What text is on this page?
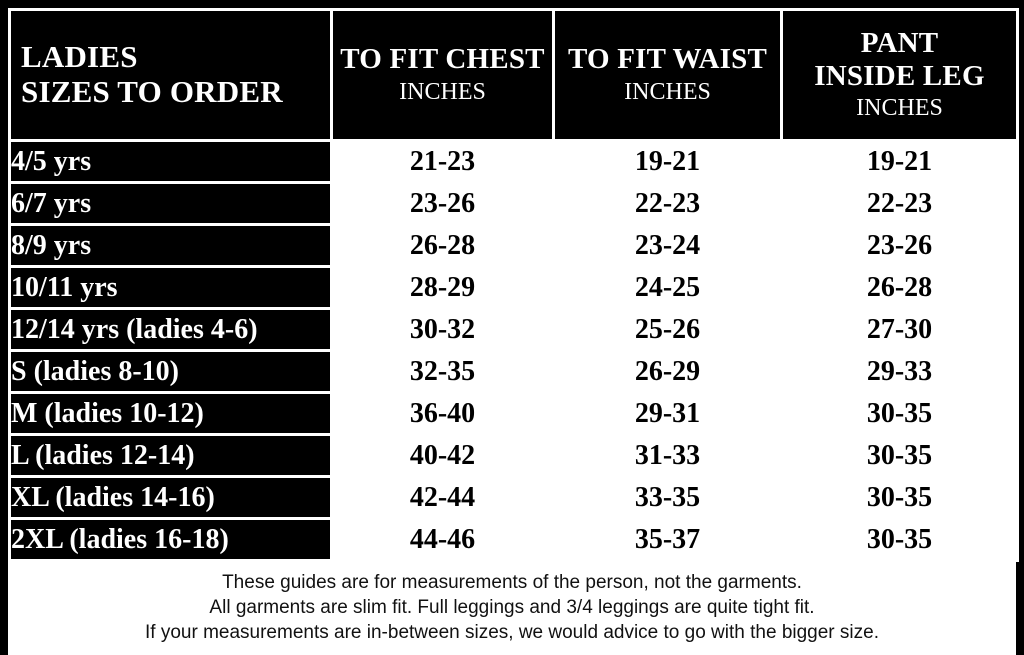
LADIES
SIZES TO ORDER

TO FIT CHEST
INCHES

TO FIT WAIST
INCHES

PANT
INSIDE LEG
INCHES

4/5 yrs	21-23	19-21	19-21
6/7 yrs	23-26	22-23	22-23
8/9 yrs	26-28	23-24	23-26
10/11 yrs	28-29	24-25	26-28
12/14 yrs (ladies 4-6)	30-32	25-26	27-30
S (ladies 8-10)	32-35	26-29	29-33
M (ladies 10-12)	36-40	29-31	30-35
L (ladies 12-14)	40-42	31-33	30-35
XL (ladies 14-16)	42-44	33-35	30-35
2XL (ladies 16-18)	44-46	35-37	30-35
These guides are for measurements of the person, not the garments.
All garments are slim fit. Full leggings and 3/4 leggings are quite tight fit.
If your measurements are in-between sizes, we would advice to go with the bigger size.
